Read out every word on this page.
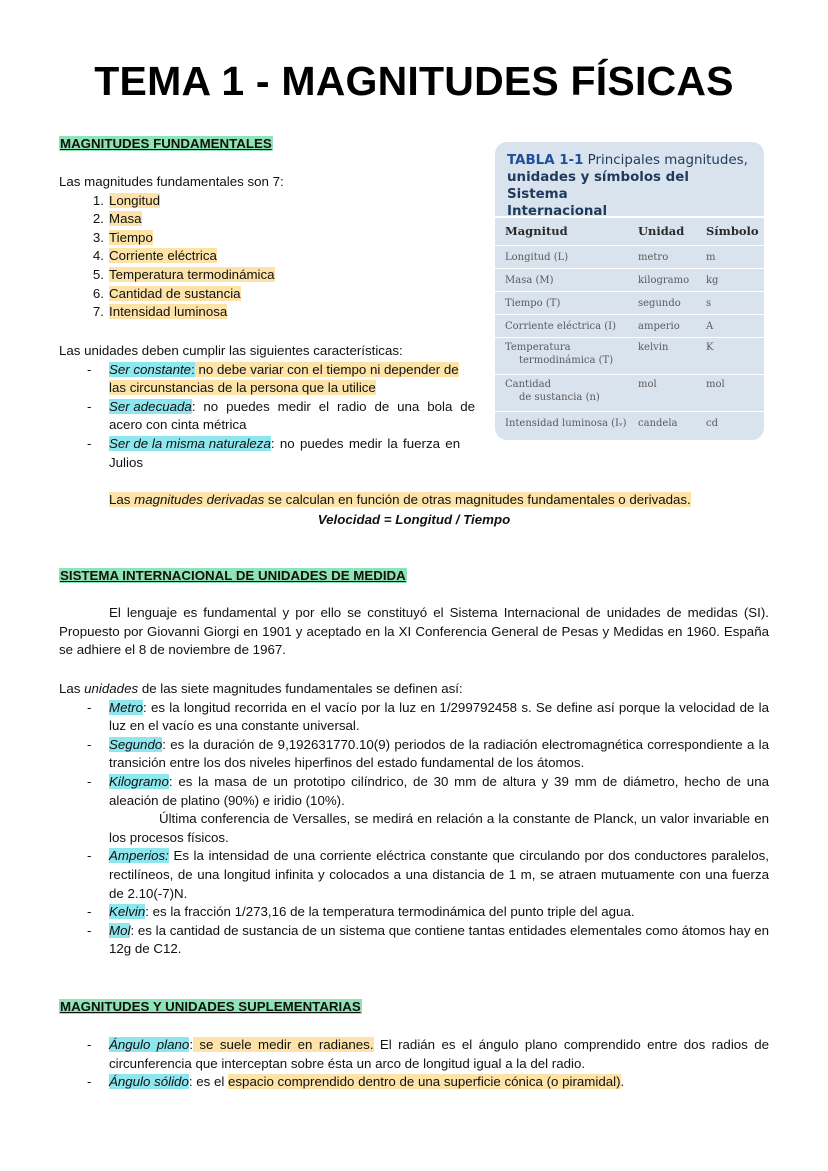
TEMA 1 - MAGNITUDES FÍSICAS
MAGNITUDES FUNDAMENTALES

Las magnitudes fundamentales son 7:

1. Longitud
2. Masa
3. Tiempo
4. Corriente eléctrica
5. Temperatura termodinámica
6. Cantidad de sustancia
7. Intensidad luminosa

Las unidades deben cumplir las siguientes características:

- Ser constante: no debe variar con el tiempo ni depender de
las circunstancias de la persona que la utilice
- Ser adecuada: no puedes medir el radio de una bola de
acero con cinta métrica
- Ser de la misma naturaleza: no puedes medir la fuerza en
Julios
TABLA 1-1 Principales magnitudes,
unidades y símbolos del Sistema
Internacional
Magnitud	Unidad	Símbolo
Longitud (L)	metro	m
Masa (M)	kilogramo	kg
Tiempo (T)	segundo	s
Corriente eléctrica (I)	amperio	A
Temperatura
termodinámica (T)
kelvin	K
Cantidad
de sustancia (n)
mol	mol
Intensidad luminosa (Iᵥ)	candela	cd
Las magnitudes derivadas se calculan en función de otras magnitudes fundamentales o derivadas.
Velocidad = Longitud / Tiempo
SISTEMA INTERNACIONAL DE UNIDADES DE MEDIDA
El lenguaje es fundamental y por ello se constituyó el Sistema Internacional de unidades de medidas (SI). Propuesto por Giovanni Giorgi en 1901 y aceptado en la XI Conferencia General de Pesas y Medidas en 1960. España se adhiere el 8 de noviembre de 1967.

Las unidades de las siete magnitudes fundamentales se definen así:

- Metro: es la longitud recorrida en el vacío por la luz en 1/299792458 s. Se define así porque la velocidad de la luz en el vacío es una constante universal.
- Segundo: es la duración de 9,192631770.10(9) periodos de la radiación electromagnética correspondiente a la transición entre los dos niveles hiperfinos del estado fundamental de los átomos.
- Kilogramo: es la masa de un prototipo cilíndrico, de 30 mm de altura y 39 mm de diámetro, hecho de una aleación de platino (90%) e iridio (10%).
Última conferencia de Versalles, se medirá en relación a la constante de Planck, un valor invariable en los procesos físicos.
- Amperios: Es la intensidad de una corriente eléctrica constante que circulando por dos conductores paralelos, rectilíneos, de una longitud infinita y colocados a una distancia de 1 m, se atraen mutuamente con una fuerza de 2.10(-7)N.
- Kelvin: es la fracción 1/273,16 de la temperatura termodinámica del punto triple del agua.
- Mol: es la cantidad de sustancia de un sistema que contiene tantas entidades elementales como átomos hay en 12g de C12.
MAGNITUDES Y UNIDADES SUPLEMENTARIAS
- Ángulo plano: se suele medir en radianes. El radián es el ángulo plano comprendido entre dos radios de circunferencia que interceptan sobre ésta un arco de longitud igual a la del radio.
- Ángulo sólido: es el espacio comprendido dentro de una superficie cónica (o piramidal).
